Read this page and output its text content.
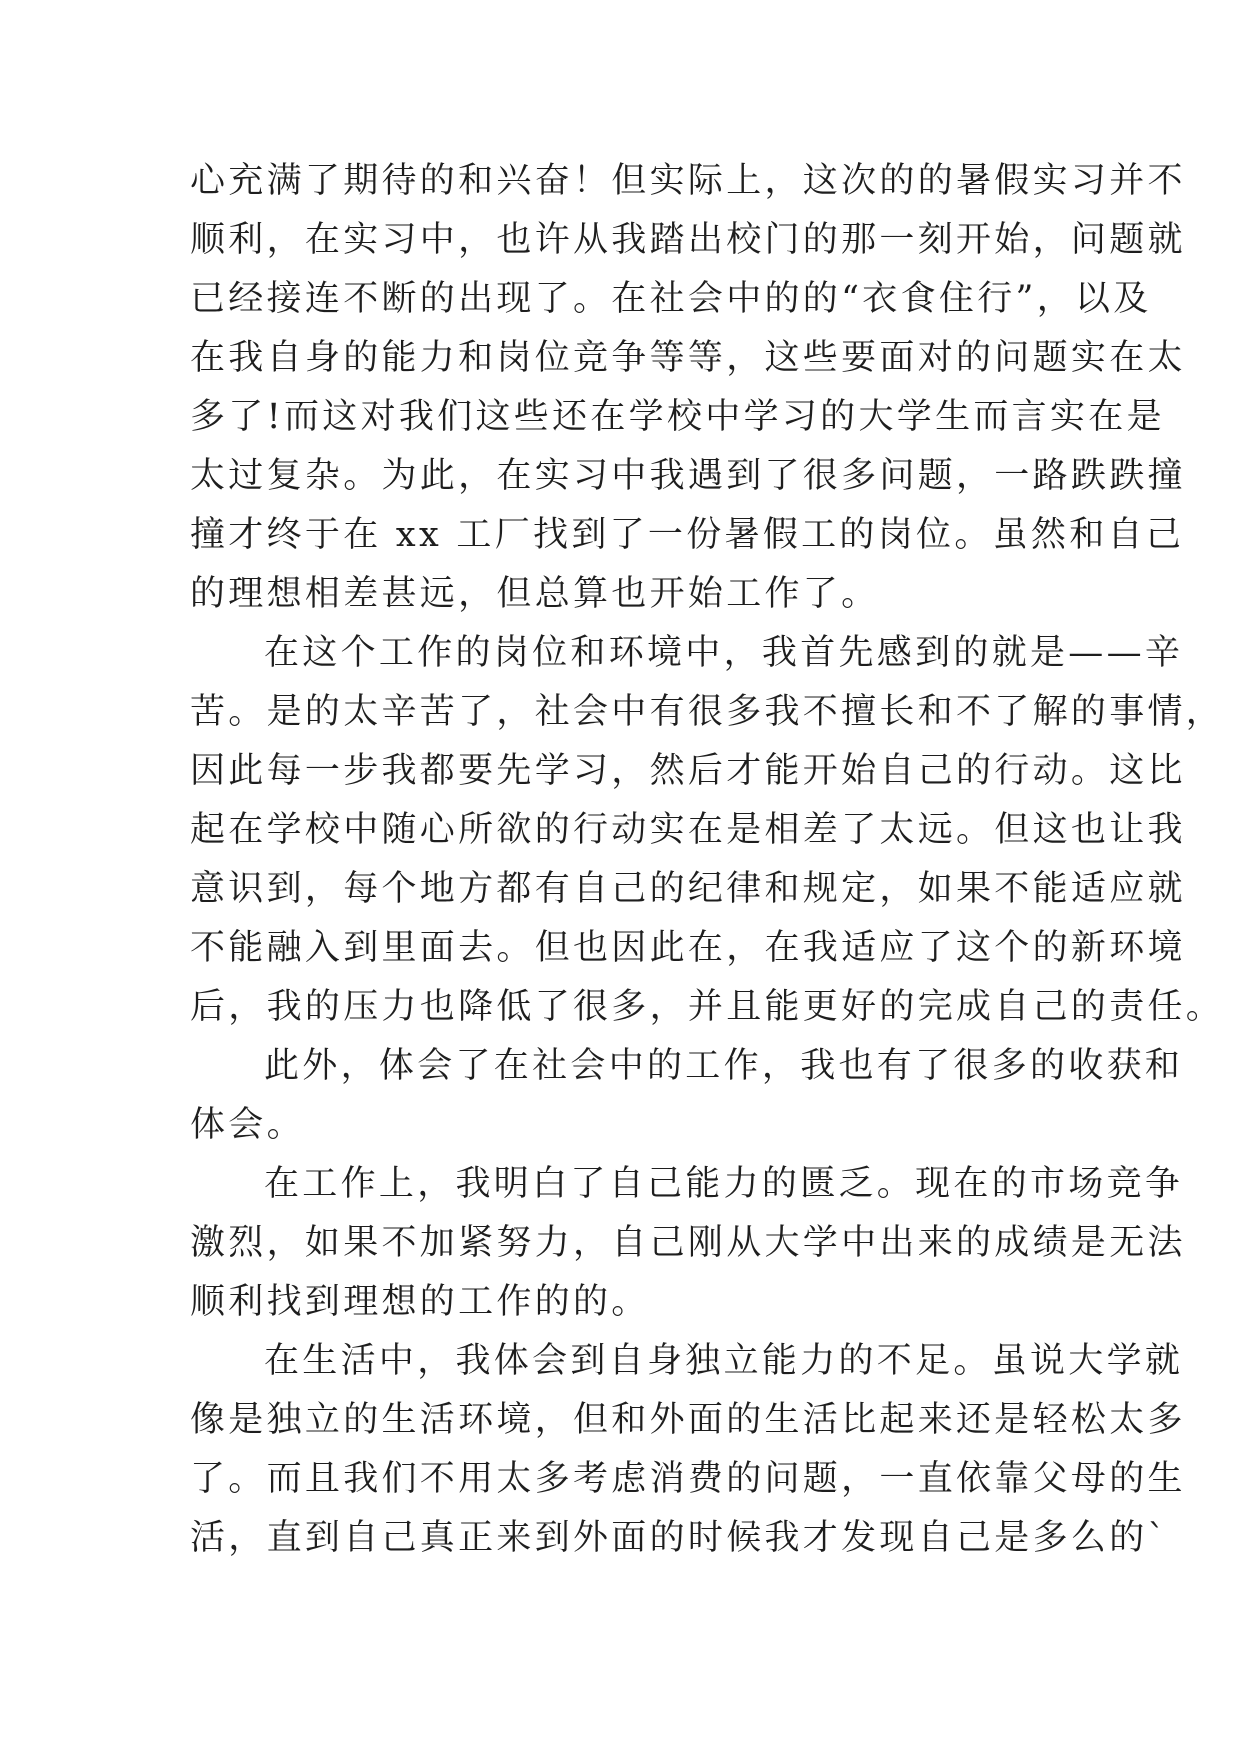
心充满了期待的和兴奋！但实际上，这次的的暑假实习并不
顺利，在实习中，也许从我踏出校门的那一刻开始，问题就
已经接连不断的出现了。在社会中的的“衣食住行”，以及
在我自身的能力和岗位竞争等等，这些要面对的问题实在太
多了!而这对我们这些还在学校中学习的大学生而言实在是
太过复杂。为此，在实习中我遇到了很多问题，一路跌跌撞
撞才终于在 xx 工厂找到了一份暑假工的岗位。虽然和自己
的理想相差甚远，但总算也开始工作了。
在这个工作的岗位和环境中，我首先感到的就是——辛
苦。是的太辛苦了，社会中有很多我不擅长和不了解的事情，
因此每一步我都要先学习，然后才能开始自己的行动。这比
起在学校中随心所欲的行动实在是相差了太远。但这也让我
意识到，每个地方都有自己的纪律和规定，如果不能适应就
不能融入到里面去。但也因此在，在我适应了这个的新环境
后，我的压力也降低了很多，并且能更好的完成自己的责任。
此外，体会了在社会中的工作，我也有了很多的收获和
体会。
在工作上，我明白了自己能力的匮乏。现在的市场竞争
激烈，如果不加紧努力，自己刚从大学中出来的成绩是无法
顺利找到理想的工作的的。
在生活中，我体会到自身独立能力的不足。虽说大学就
像是独立的生活环境，但和外面的生活比起来还是轻松太多
了。而且我们不用太多考虑消费的问题，一直依靠父母的生
活，直到自己真正来到外面的时候我才发现自己是多么的`
